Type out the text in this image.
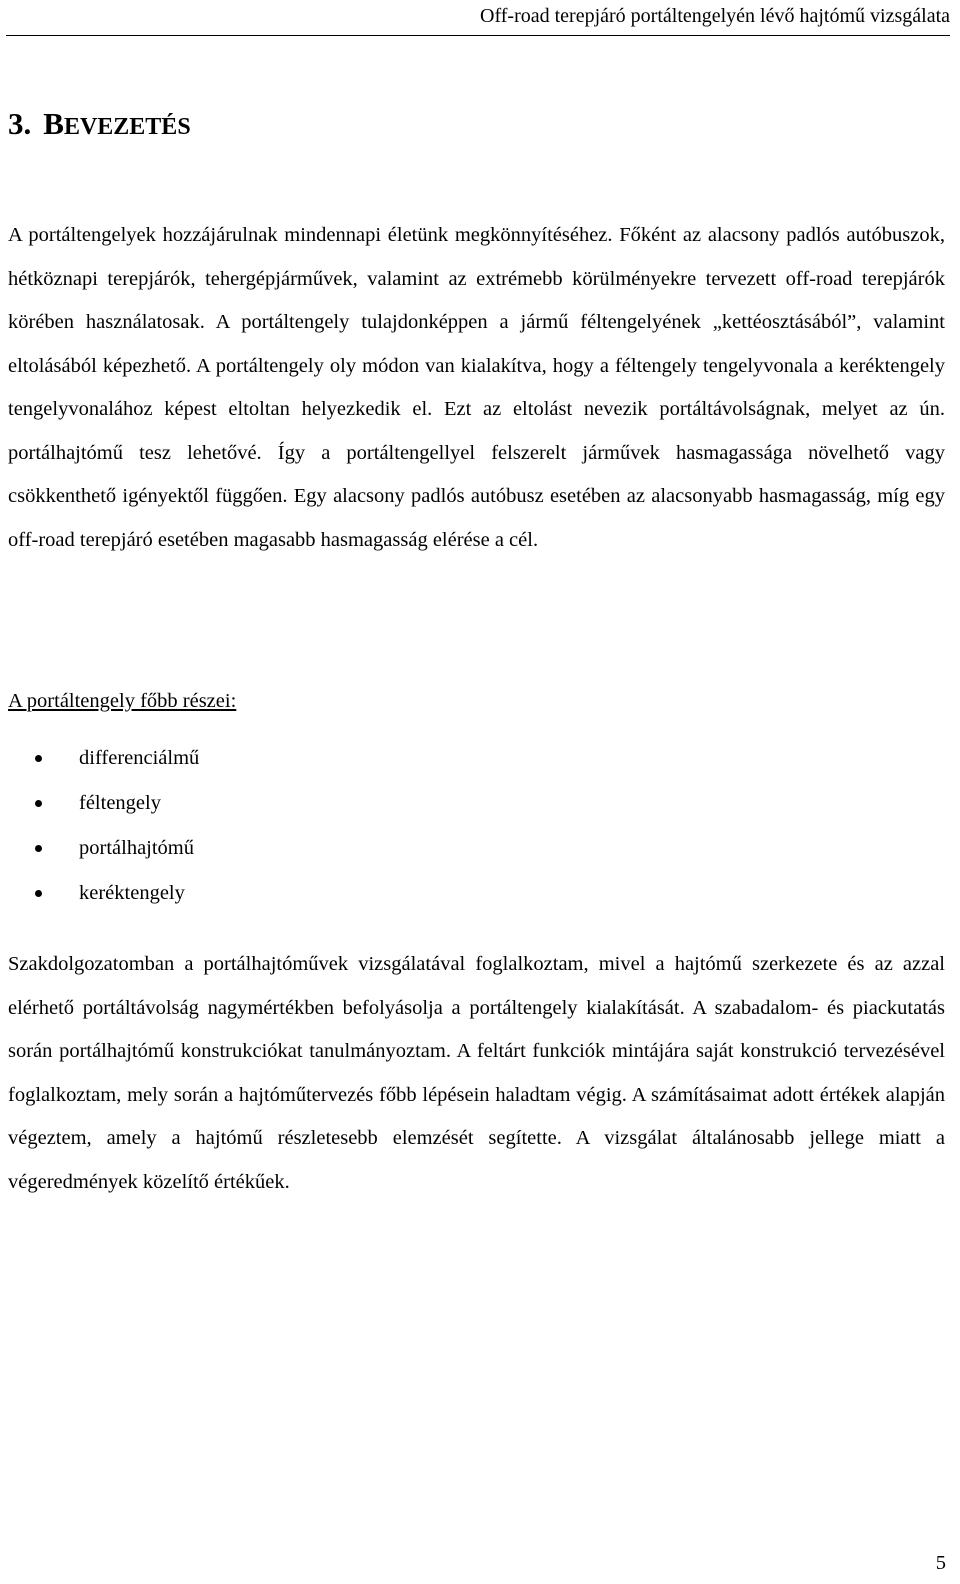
Off-road terepjáró portáltengelyén lévő hajtómű vizsgálata
3. BEVEZETÉS

A portáltengelyek hozzájárulnak mindennapi életünk megkönnyítéséhez. Főként az alacsony padlós autóbuszok, hétköznapi terepjárók, tehergépjárművek, valamint az extrémebb körülményekre tervezett off-road terepjárók körében használatosak. A portáltengely tulajdonképpen a jármű féltengelyének „kettéosztásából”, valamint eltolásából képezhető. A portáltengely oly módon van kialakítva, hogy a féltengely tengelyvonala a keréktengely tengelyvonalához képest eltoltan helyezkedik el. Ezt az eltolást nevezik portáltávolságnak, melyet az ún. portálhajtómű tesz lehetővé. Így a portáltengellyel felszerelt járművek hasmagassága növelhető vagy csökkenthető igényektől függően. Egy alacsony padlós autóbusz esetében az alacsonyabb hasmagasság, míg egy off-road terepjáró esetében magasabb hasmagasság elérése a cél.

A portáltengely főbb részei:

differenciálmű
féltengely
portálhajtómű
keréktengely

Szakdolgozatomban a portálhajtóművek vizsgálatával foglalkoztam, mivel a hajtómű szerkezete és az azzal elérhető portáltávolság nagymértékben befolyásolja a portáltengely kialakítását. A szabadalom- és piackutatás során portálhajtómű konstrukciókat tanulmányoztam. A feltárt funkciók mintájára saját konstrukció tervezésével foglalkoztam, mely során a hajtóműtervezés főbb lépésein haladtam végig. A számításaimat adott értékek alapján végeztem, amely a hajtómű részletesebb elemzését segítette. A vizsgálat általánosabb jellege miatt a végeredmények közelítő értékűek.

5
